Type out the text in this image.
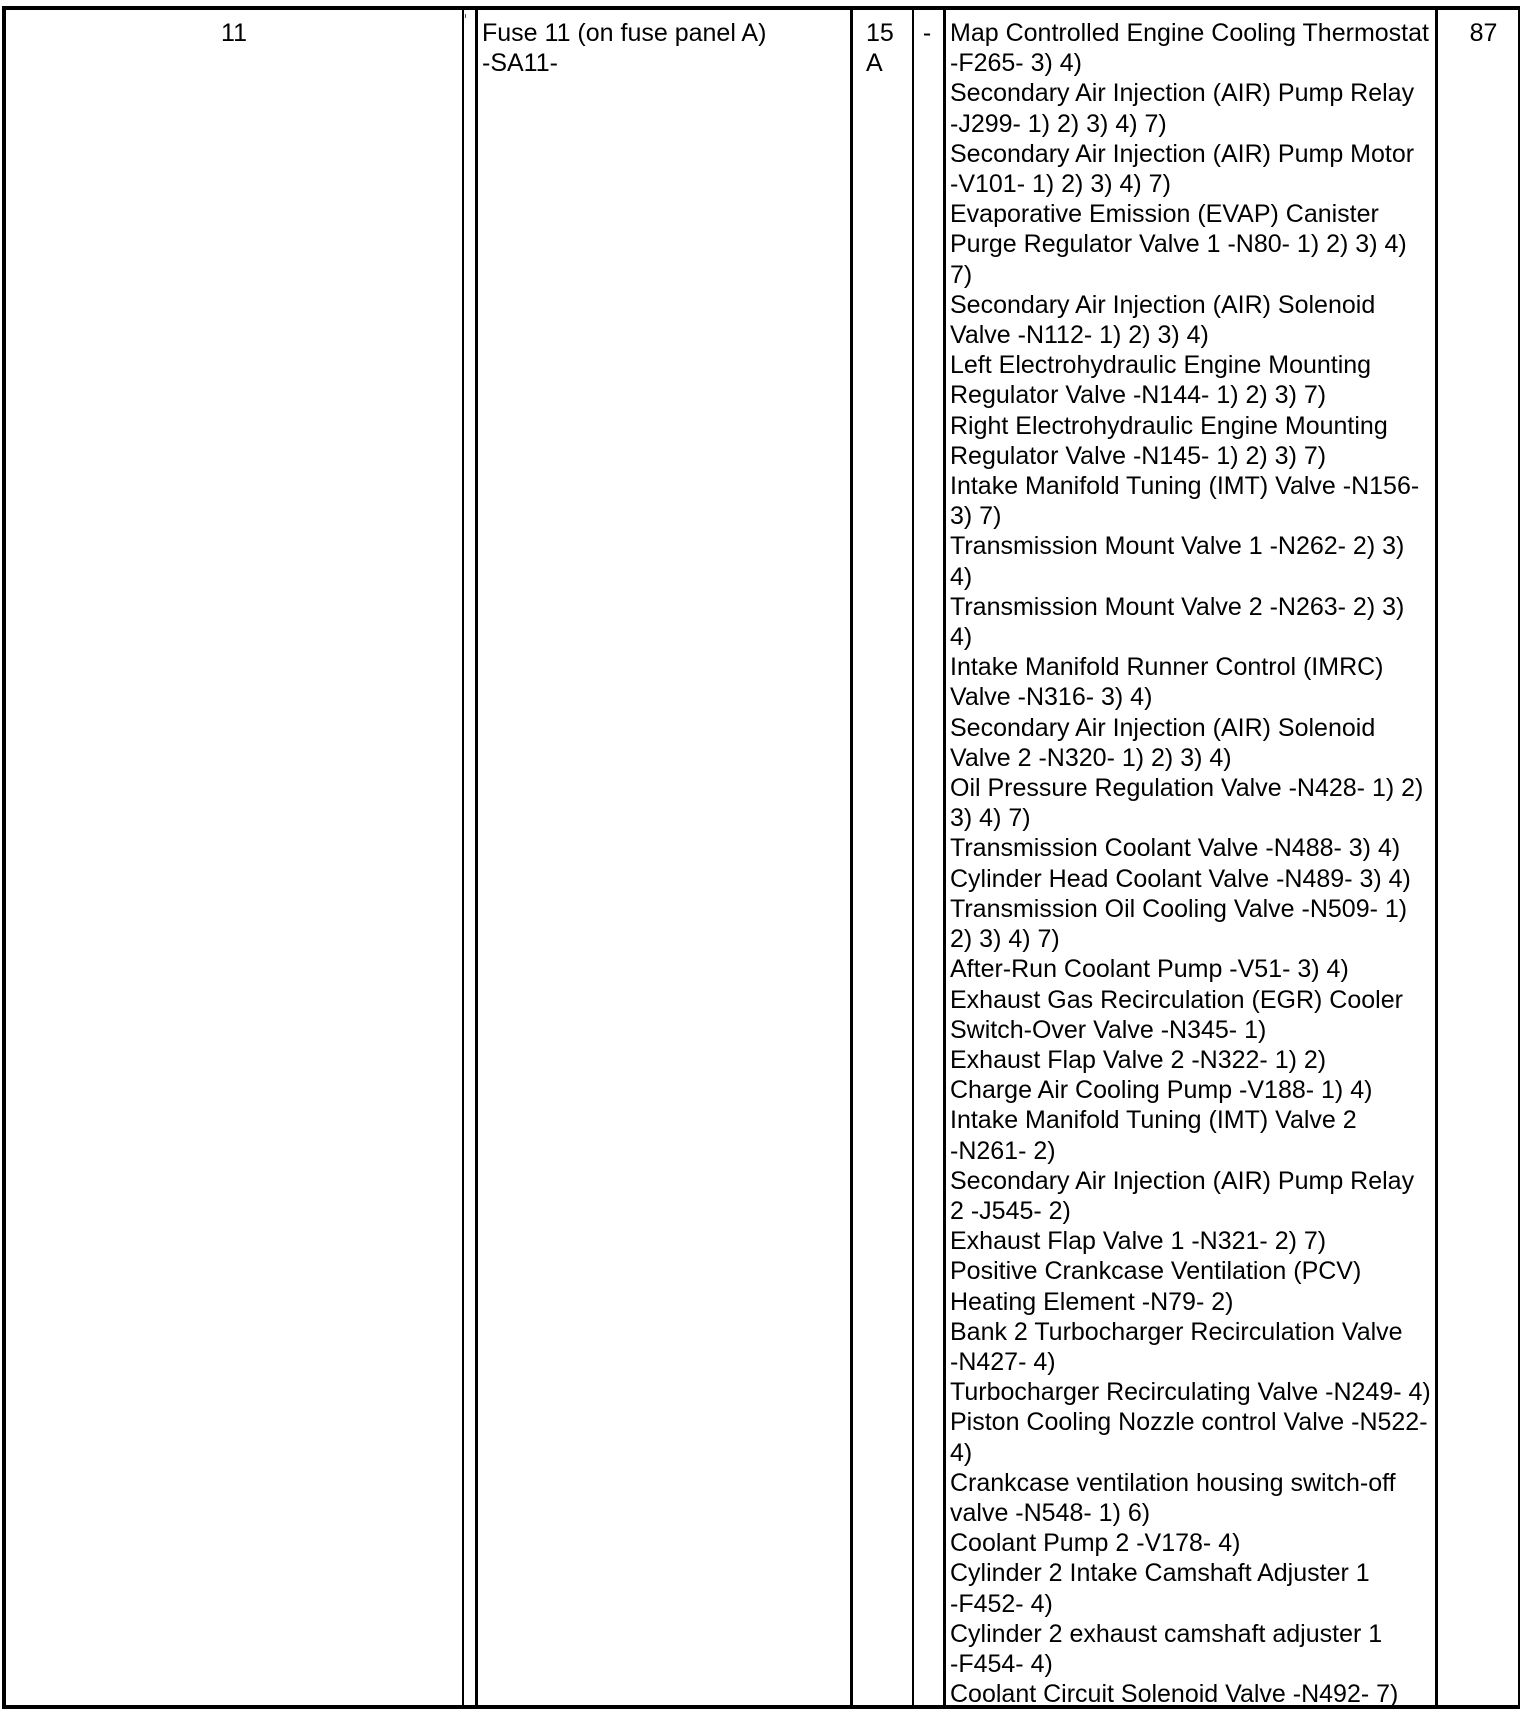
11	Fuse 11 (on fuse panel A)
-SA11-
15
A
- Map Controlled Engine Cooling Thermostat
-F265- 3) 4)
Secondary Air Injection (AIR) Pump Relay
-J299- 1) 2) 3) 4) 7)
Secondary Air Injection (AIR) Pump Motor
-V101- 1) 2) 3) 4) 7)
Evaporative Emission (EVAP) Canister
Purge Regulator Valve 1 -N80- 1) 2) 3) 4)
7)
Secondary Air Injection (AIR) Solenoid
Valve -N112- 1) 2) 3) 4)
Left Electrohydraulic Engine Mounting
Regulator Valve -N144- 1) 2) 3) 7)
Right Electrohydraulic Engine Mounting
Regulator Valve -N145- 1) 2) 3) 7)
Intake Manifold Tuning (IMT) Valve -N156-
3) 7)
Transmission Mount Valve 1 -N262- 2) 3)
4)
Transmission Mount Valve 2 -N263- 2) 3)
4)
Intake Manifold Runner Control (IMRC)
Valve -N316- 3) 4)
Secondary Air Injection (AIR) Solenoid
Valve 2 -N320- 1) 2) 3) 4)
Oil Pressure Regulation Valve -N428- 1) 2)
3) 4) 7)
Transmission Coolant Valve -N488- 3) 4)
Cylinder Head Coolant Valve -N489- 3) 4)
Transmission Oil Cooling Valve -N509- 1)
2) 3) 4) 7)
After-Run Coolant Pump -V51- 3) 4)
Exhaust Gas Recirculation (EGR) Cooler
Switch-Over Valve -N345- 1)
Exhaust Flap Valve 2 -N322- 1) 2)
Charge Air Cooling Pump -V188- 1) 4)
Intake Manifold Tuning (IMT) Valve 2
-N261- 2)
Secondary Air Injection (AIR) Pump Relay
2 -J545- 2)
Exhaust Flap Valve 1 -N321- 2) 7)
Positive Crankcase Ventilation (PCV)
Heating Element -N79- 2)
Bank 2 Turbocharger Recirculation Valve
-N427- 4)
Turbocharger Recirculating Valve -N249- 4)
Piston Cooling Nozzle control Valve -N522-
4)
Crankcase ventilation housing switch-off
valve -N548- 1) 6)
Coolant Pump 2 -V178- 4)
Cylinder 2 Intake Camshaft Adjuster 1
-F452- 4)
Cylinder 2 exhaust camshaft adjuster 1
-F454- 4)
Coolant Circuit Solenoid Valve -N492- 7)
87
